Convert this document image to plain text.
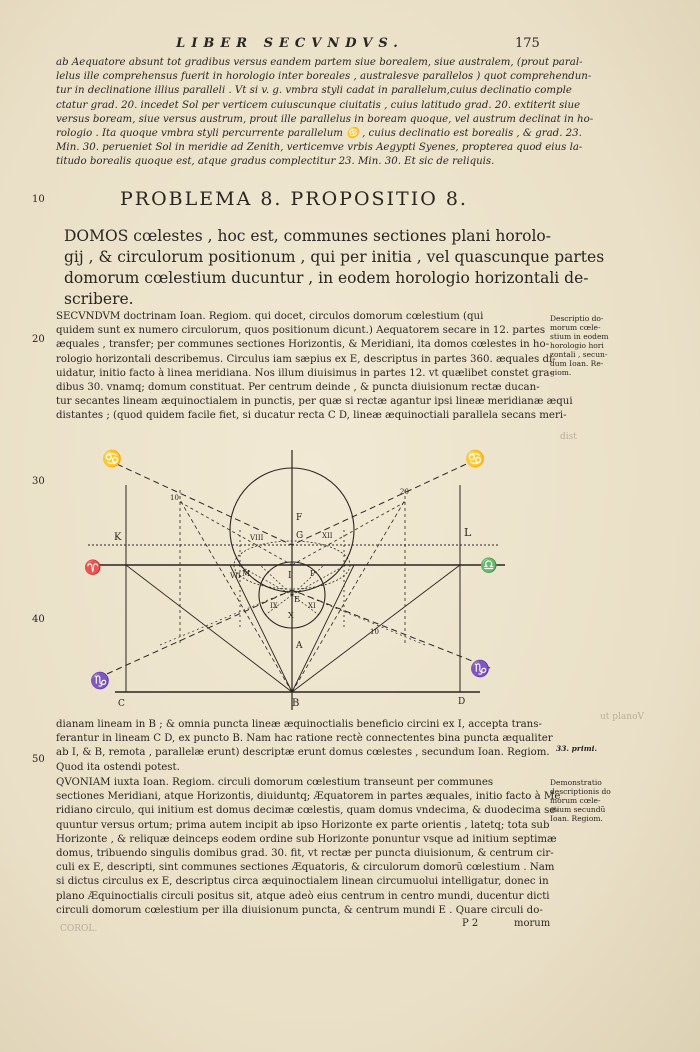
LIBER SECVNDVS.	175
ab Aequatore absunt tot gradibus versus eandem partem siue borealem, siue australem, (prout paral-
lelus ille comprehensus fuerit in horologio inter boreales , australesve parallelos ) quot comprehendun-
tur in declinatione illius paralleli . Vt si v. g. vmbra styli cadat in parallelum,cuius declinatio comple
ctatur grad. 20. incedet Sol per verticem cuiuscunque ciuitatis , cuius latitudo grad. 20. extiterit siue
versus boream, siue versus austrum, prout ille parallelus in boream quoque, vel austrum declinat in ho-
rologio . Ita quoque vmbra styli percurrente parallelum ♋ , cuius declinatio est borealis , & grad. 23.
Min. 30. perueniet Sol in meridie ad Zenith, verticemve vrbis Aegypti Syenes, propterea quod eius la-
titudo borealis quoque est, atque gradus complectitur 23. Min. 30. Et sic de reliquis.
10	PROBLEMA 8. PROPOSITIO 8.
DOMOS cœlestes , hoc est, communes sectiones plani horolo-
gij , & circulorum positionum , qui per initia , vel quascunque partes
domorum cœlestium ducuntur , in eodem horologio horizontali de-
scribere.
20
SECVNDVM doctrinam Ioan. Regiom. qui docet, circulos domorum cœlestium (qui
quidem sunt ex numero circulorum, quos positionum dicunt.) Aequatorem secare in 12. partes
æquales , transfer; per communes sectiones Horizontis, & Meridiani, ita domos cœlestes in ho-
rologio horizontali describemus. Circulus iam sæpius ex E, descriptus in partes 360. æquales di-
uidatur, initio facto à linea meridiana. Nos illum diuisimus in partes 12. vt quælibet constet gra-
dibus 30. vnamq; domum constituat. Per centrum deinde , & puncta diuisionum rectæ ducan-
tur secantes lineam æquinoctialem in punctis, per quæ si rectæ agantur ipsi lineæ meridianæ æqui
distantes ; (quod quidem facile fiet, si ducatur recta C D, lineæ æquinoctiali parallela secans meri-
Descriptio do-
morum cœle-
stium in eodem
horologio hori
zontali , secun-
dum Ioan. Re-
giom.
30
40
dist
ut planoV
COROL.
♋	♋
♈	♎
♑
♑
K	L
F
G
M	I P
E
X
A
B
C	D
VIII
VII
XII
IX	XI
10
20
10
dianam lineam in B ; & omnia puncta lineæ æquinoctialis beneficio circini ex I, accepta trans-
ferantur in lineam C D, ex puncto B. Nam hac ratione rectè connectentes bina puncta æqualiter
ab I, & B, remota , parallelæ erunt) descriptæ erunt domus cœlestes , secundum Ioan. Regiom.
Quod ita ostendi potest.
50
33. primi.
QVONIAM iuxta Ioan. Regiom. circuli domorum cœlestium transeunt per communes
sectiones Meridiani, atque Horizontis, diuiduntq; Æquatorem in partes æquales, initio facto à Me
ridiano circulo, qui initium est domus decimæ cœlestis, quam domus vndecima, & duodecima se-
quuntur versus ortum; prima autem incipit ab ipso Horizonte ex parte orientis , latetq; tota sub
Horizonte , & reliquæ deinceps eodem ordine sub Horizonte ponuntur vsque ad initium septimæ
domus, tribuendo singulis domibus grad. 30. fit, vt rectæ per puncta diuisionum, & centrum cir-
culi ex E, descripti, sint communes sectiones Æquatoris, & circulorum domorũ cœlestium . Nam
si dictus circulus ex E, descriptus circa æquinoctialem linean circumuolui intelligatur, donec in
plano Æquinoctialis circuli positus sit, atque adeò eius centrum in centro mundi, ducentur dicti
circuli domorum cœlestium per illa diuisionum puncta, & centrum mundi E . Quare circuli do-
Demonstratio
descriptionis do
morum cœle-
stium secundũ
Ioan. Regiom.
P 2	morum
